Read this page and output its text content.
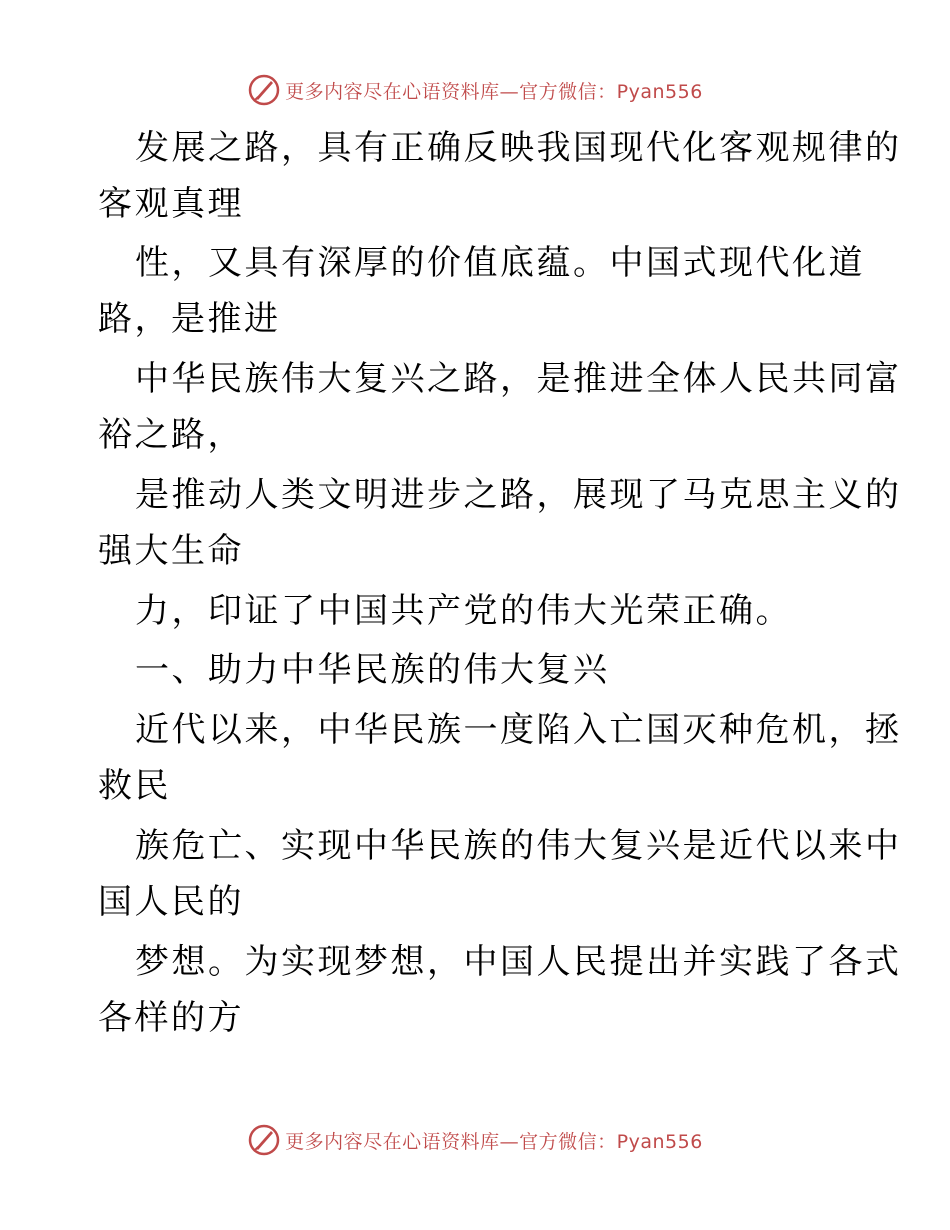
更多内容尽在心语资料库—官方微信：Pyan556
发展之路，具有正确反映我国现代化客观规律的
客观真理
性，又具有深厚的价值底蕴。中国式现代化道
路，是推进
中华民族伟大复兴之路，是推进全体人民共同富
裕之路，
是推动人类文明进步之路，展现了马克思主义的
强大生命
力，印证了中国共产党的伟大光荣正确。
一、助力中华民族的伟大复兴
近代以来，中华民族一度陷入亡国灭种危机，拯
救民
族危亡、实现中华民族的伟大复兴是近代以来中
国人民的
梦想。为实现梦想，中国人民提出并实践了各式
各样的方
更多内容尽在心语资料库—官方微信：Pyan556
